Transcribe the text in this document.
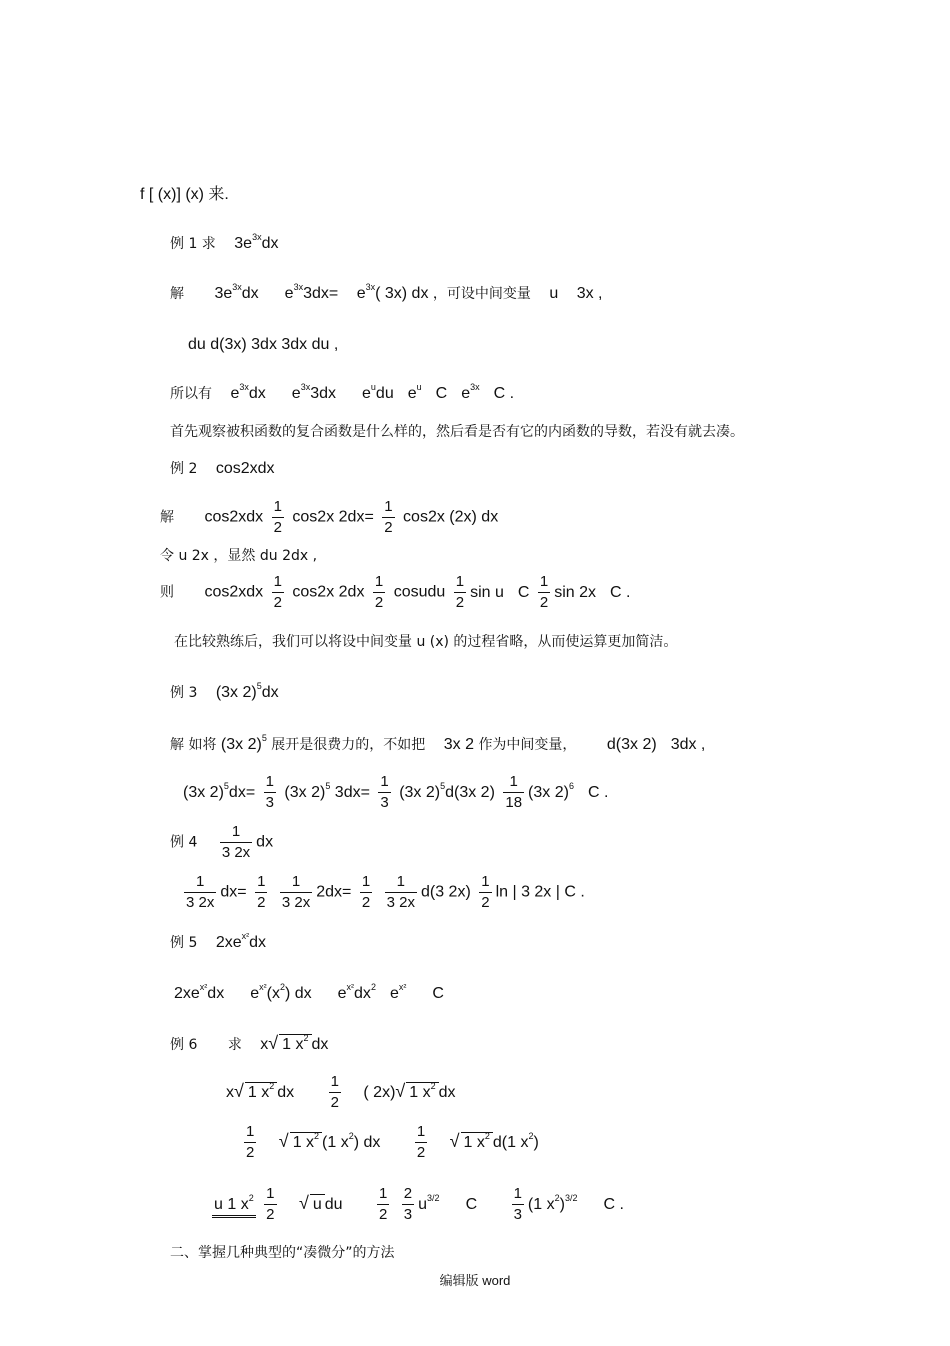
f [ (x)] (x) 来.
例 1 求 $3e^{3x}dx$
解 $3e^{3x}dx$ $e^{3x}3dx= e^{3x}$( 3x) dx ，可设中间变量 u 3x ,
du d(3x) 3dx 3dx du ,
所以有 $e^{3x}dx$ $e^{3x}3dx$ $e^udu$ $e^u$ C $e^{3x}$ C .
首先观察被积函数的复合函数是什么样的，然后看是否有它的内函数的导数，若没有就去凑。
例 2 cos2xdx
解 $\cos 2xdx \frac{1}{2} \cos 2x$ $2dx= \frac{1}{2} \cos 2x$ (2x) dx
令 u 2x ，显然 du 2dx ,
则 $\cos 2xdx \frac{1}{2} \cos 2x$ $2dx \frac{1}{2}$ cosudu $\frac{1}{2}$ sin u C $\frac{1}{2}$ sin 2x C .
在比较熟练后，我们可以将设中间变量 u (x) 的过程省略，从而使运算更加简洁。
例 3 (3x 2)$^5$dx
解 如将 (3x 2)$^5$ 展开是很费力的，不如把 3x 2 作为中间变量， d(3x 2) 3dx ,
(3x $2)^5dx= \frac{1}{3} (3x$ 2)$^5$ $3dx= \frac{1}{3} (3x$ 2)$^5$d(3x $2) \frac{1}{18} (3x$ 2)$^6$ C .
例 $4 \frac{1}{3 2x}$ dx
$\frac{1}{3 2x} dx= \frac{1}{2}$
$\frac{1}{3 2x} 2dx= \frac{1}{2}$
$\frac{1}{3 2x} d(3$ $2x) \frac{1}{2}$ ln | 3 2x | C .
例 5 $2xe^{x^2}dx$
$2xe^{x^2}dx$ $e^{x^2}(x^2)$ dx $e^{x^2}dx^2$ $e^{x^2}$ C
例 6 求 x√ 1 $x^2$ dx
x√ 1 $x^2$ dx $\frac{1}{2}$ ( 2x)√ 1 $x^2$ dx
$\frac{1}{2}$ √ 1 $x^2$ (1 $x^2$) dx $\frac{1}{2}$ √ 1 $x^2$ d(1 $x^2$)
u 1 $x^2 \frac{1}{2}$ √ u du $\frac{1}{2}$
$\frac{2}{3} u^{3/2}$ C $\frac{1}{3} (1$ $x^2)^{3/2}$ C .
二、掌握几种典型的“凑微分”的方法
编辑版 word
